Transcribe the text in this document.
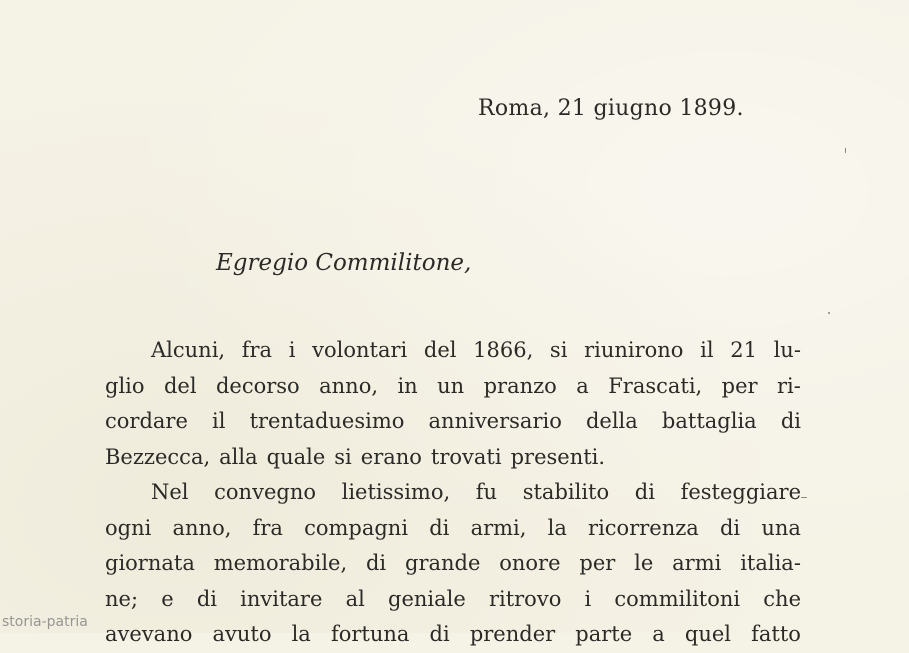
Roma, 21 giugno 1899.
Egregio Commilitone,
Alcuni, fra i volontari del 1866, si riunirono il 21 lu-
glio del decorso anno, in un pranzo a Frascati, per ri-
cordare il trentaduesimo anniversario della battaglia di
Bezzecca, alla quale si erano trovati presenti.
Nel convegno lietissimo, fu stabilito di festeggiare
ogni anno, fra compagni di armi, la ricorrenza di una
giornata memorabile, di grande onore per le armi italia-
ne; e di invitare al geniale ritrovo i commilitoni che
avevano avuto la fortuna di prender parte a quel fatto
storia-patria
